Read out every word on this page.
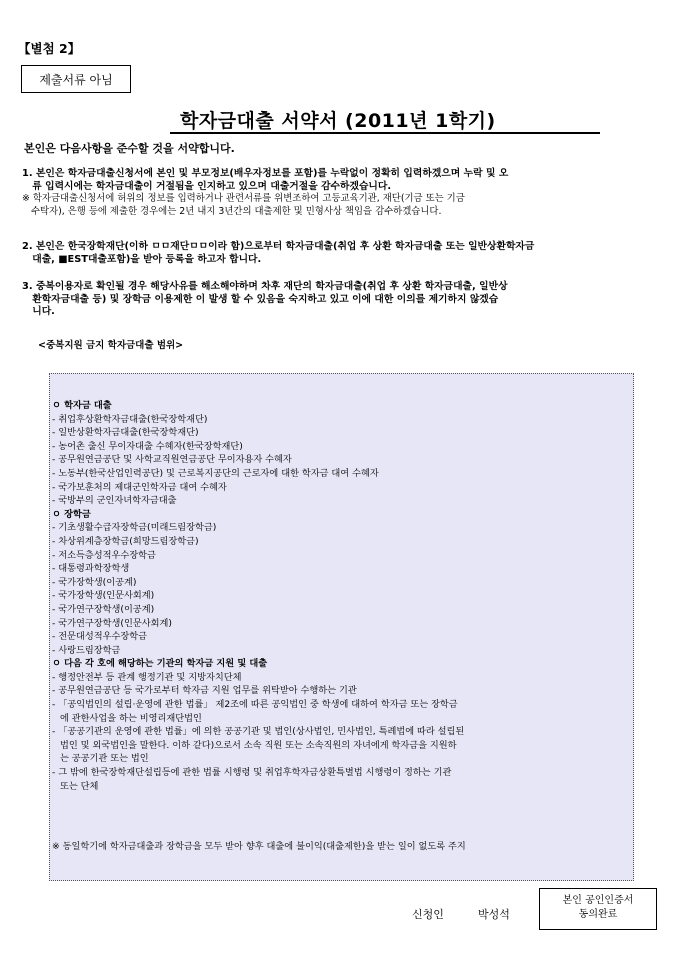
【별첨 2】
제출서류 아님
학자금대출 서약서 (2011년 1학기)
본인은 다음사항을 준수할 것을 서약합니다.
1. 본인은 학자금대출신청서에 본인 및 부모정보(배우자정보를 포함)를 누락없이 정확히 입력하겠으며 누락 및 오
류 입력시에는 학자금대출이 거절됨을 인지하고 있으며 대출거절을 감수하겠습니다.
※ 학자금대출신청서에 허위의 정보를 입력하거나 관련서류를 위변조하여 고등교육기관, 재단(기금 또는 기금
수탁자), 은행 등에 제출한 경우에는 2년 내지 3년간의 대출제한 및 민형사상 책임을 감수하겠습니다.
2. 본인은 한국장학재단(이하 ㅁㅁ재단ㅁㅁ이라 함)으로부터 학자금대출(취업 후 상환 학자금대출 또는 일반상환학자금
대출, ■EST대출포함)을 받아 등록을 하고자 합니다.
3. 중복이용자로 확인될 경우 해당사유를 해소해야하며 차후 재단의 학자금대출(취업 후 상환 학자금대출, 일반상
환학자금대출 등) 및 장학금 이용제한 이 발생 할 수 있음을 숙지하고 있고 이에 대한 이의를 제기하지 않겠습
니다.
<중복지원 금지 학자금대출 범위>
ㅇ 학자금 대출
- 취업후상환학자금대출(한국장학재단)
- 일반상환학자금대출(한국장학재단)
- 농어촌 출신 무이자대출 수혜자(한국장학재단)
- 공무원연금공단 및 사학교직원연금공단 무이자용자 수혜자
- 노동부(한국산업인력공단) 및 근로복지공단의 근로자에 대한 학자금 대여 수혜자
- 국가보훈처의 제대군인학자금 대여 수혜자
- 국방부의 군인자녀학자금대출
ㅇ 장학금
- 기초생활수급자장학금(미래드림장학금)
- 차상위계층장학금(희망드림장학금)
- 저소득층성적우수장학금
- 대통령과학장학생
- 국가장학생(이공계)
- 국가장학생(인문사회계)
- 국가연구장학생(이공계)
- 국가연구장학생(인문사회계)
- 전문대성적우수장학금
- 사랑드림장학금
ㅇ 다음 각 호에 해당하는 기관의 학자금 지원 및 대출
- 행정안전부 등 관계 행정기관 및 지방자치단체
- 공무원연금공단 등 국가로부터 학자금 지원 업무를 위탁받아 수행하는 기관
- 「공익법인의 설립·운영에 관한 법률」 제2조에 따른 공익법인 중 학생에 대하여 학자금 또는 장학금
에 관한사업을 하는 비영리재단법인
- 「공공기관의 운영에 관한 법률」에 의한 공공기관 및 법인(상사법인, 민사법인, 특례법에 따라 설립된
법인 및 외국법인을 말한다. 이하 같다)으로서 소속 직원 또는 소속직원의 자녀에게 학자금을 지원하
는 공공기관 또는 법인
- 그 밖에 한국장학재단설립등에 관한 법률 시행령 및 취업후학자금상환특별법 시행령이 정하는 기관
또는 단체
※ 동일학기에 학자금대출과 장학금을 모두 받아 향후 대출에 불이익(대출제한)을 받는 일이 없도록 주지
신청인	박성석
본인 공인인증서
동의완료
